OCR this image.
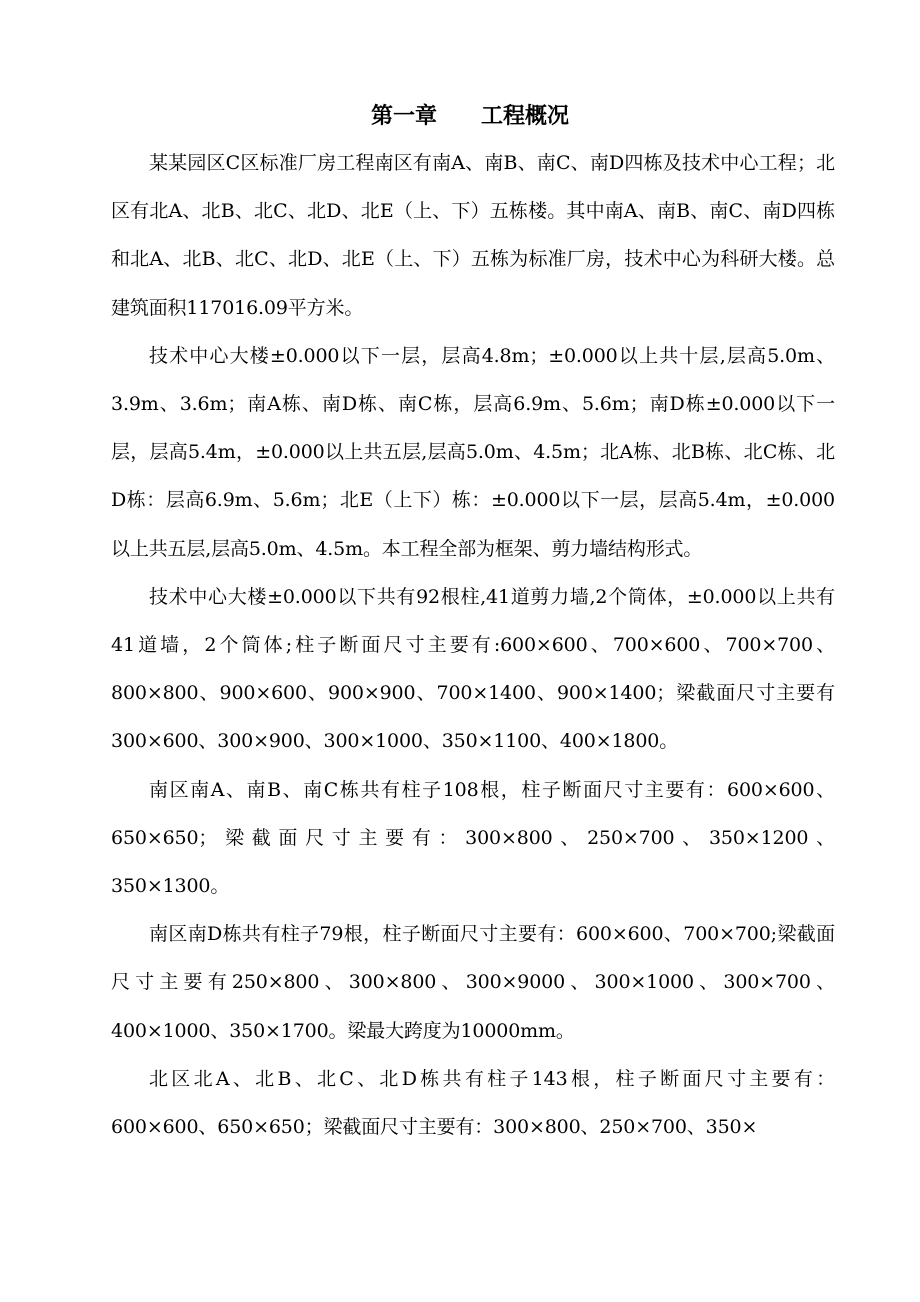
第一章　　工程概况

某某园区C区标准厂房工程南区有南A、南B、南C、南D四栋及技术中心工程；北区有北A、北B、北C、北D、北E（上、下）五栋楼。其中南A、南B、南C、南D四栋和北A、北B、北C、北D、北E（上、下）五栋为标准厂房，技术中心为科研大楼。总建筑面积117016.09平方米。

技术中心大楼±0.000以下一层，层高4.8m；±0.000以上共十层,层高5.0m、3.9m、3.6m；南A栋、南D栋、南C栋，层高6.9m、5.6m；南D栋±0.000以下一层，层高5.4m，±0.000以上共五层,层高5.0m、4.5m；北A栋、北B栋、北C栋、北D栋：层高6.9m、5.6m；北E（上下）栋：±0.000以下一层，层高5.4m，±0.000以上共五层,层高5.0m、4.5m。本工程全部为框架、剪力墙结构形式。

技术中心大楼±0.000以下共有92根柱,41道剪力墙,2个筒体，±0.000以上共有41道墙，2个筒体;柱子断面尺寸主要有:600×600、700×600、700×700、800×800、900×600、900×900、700×1400、900×1400；梁截面尺寸主要有300×600、300×900、300×1000、350×1100、400×1800。

南区南A、南B、南C栋共有柱子108根，柱子断面尺寸主要有：600×600、650×650；梁截面尺寸主要有：300×800、250×700、350×1200、350×1300。

南区南D栋共有柱子79根，柱子断面尺寸主要有：600×600、700×700;梁截面尺寸主要有250×800、300×800、300×9000、300×1000、300×700、400×1000、350×1700。梁最大跨度为10000mm。

北区北A、北B、北C、北D栋共有柱子143根，柱子断面尺寸主要有：600×600、650×650；梁截面尺寸主要有：300×800、250×700、350×
